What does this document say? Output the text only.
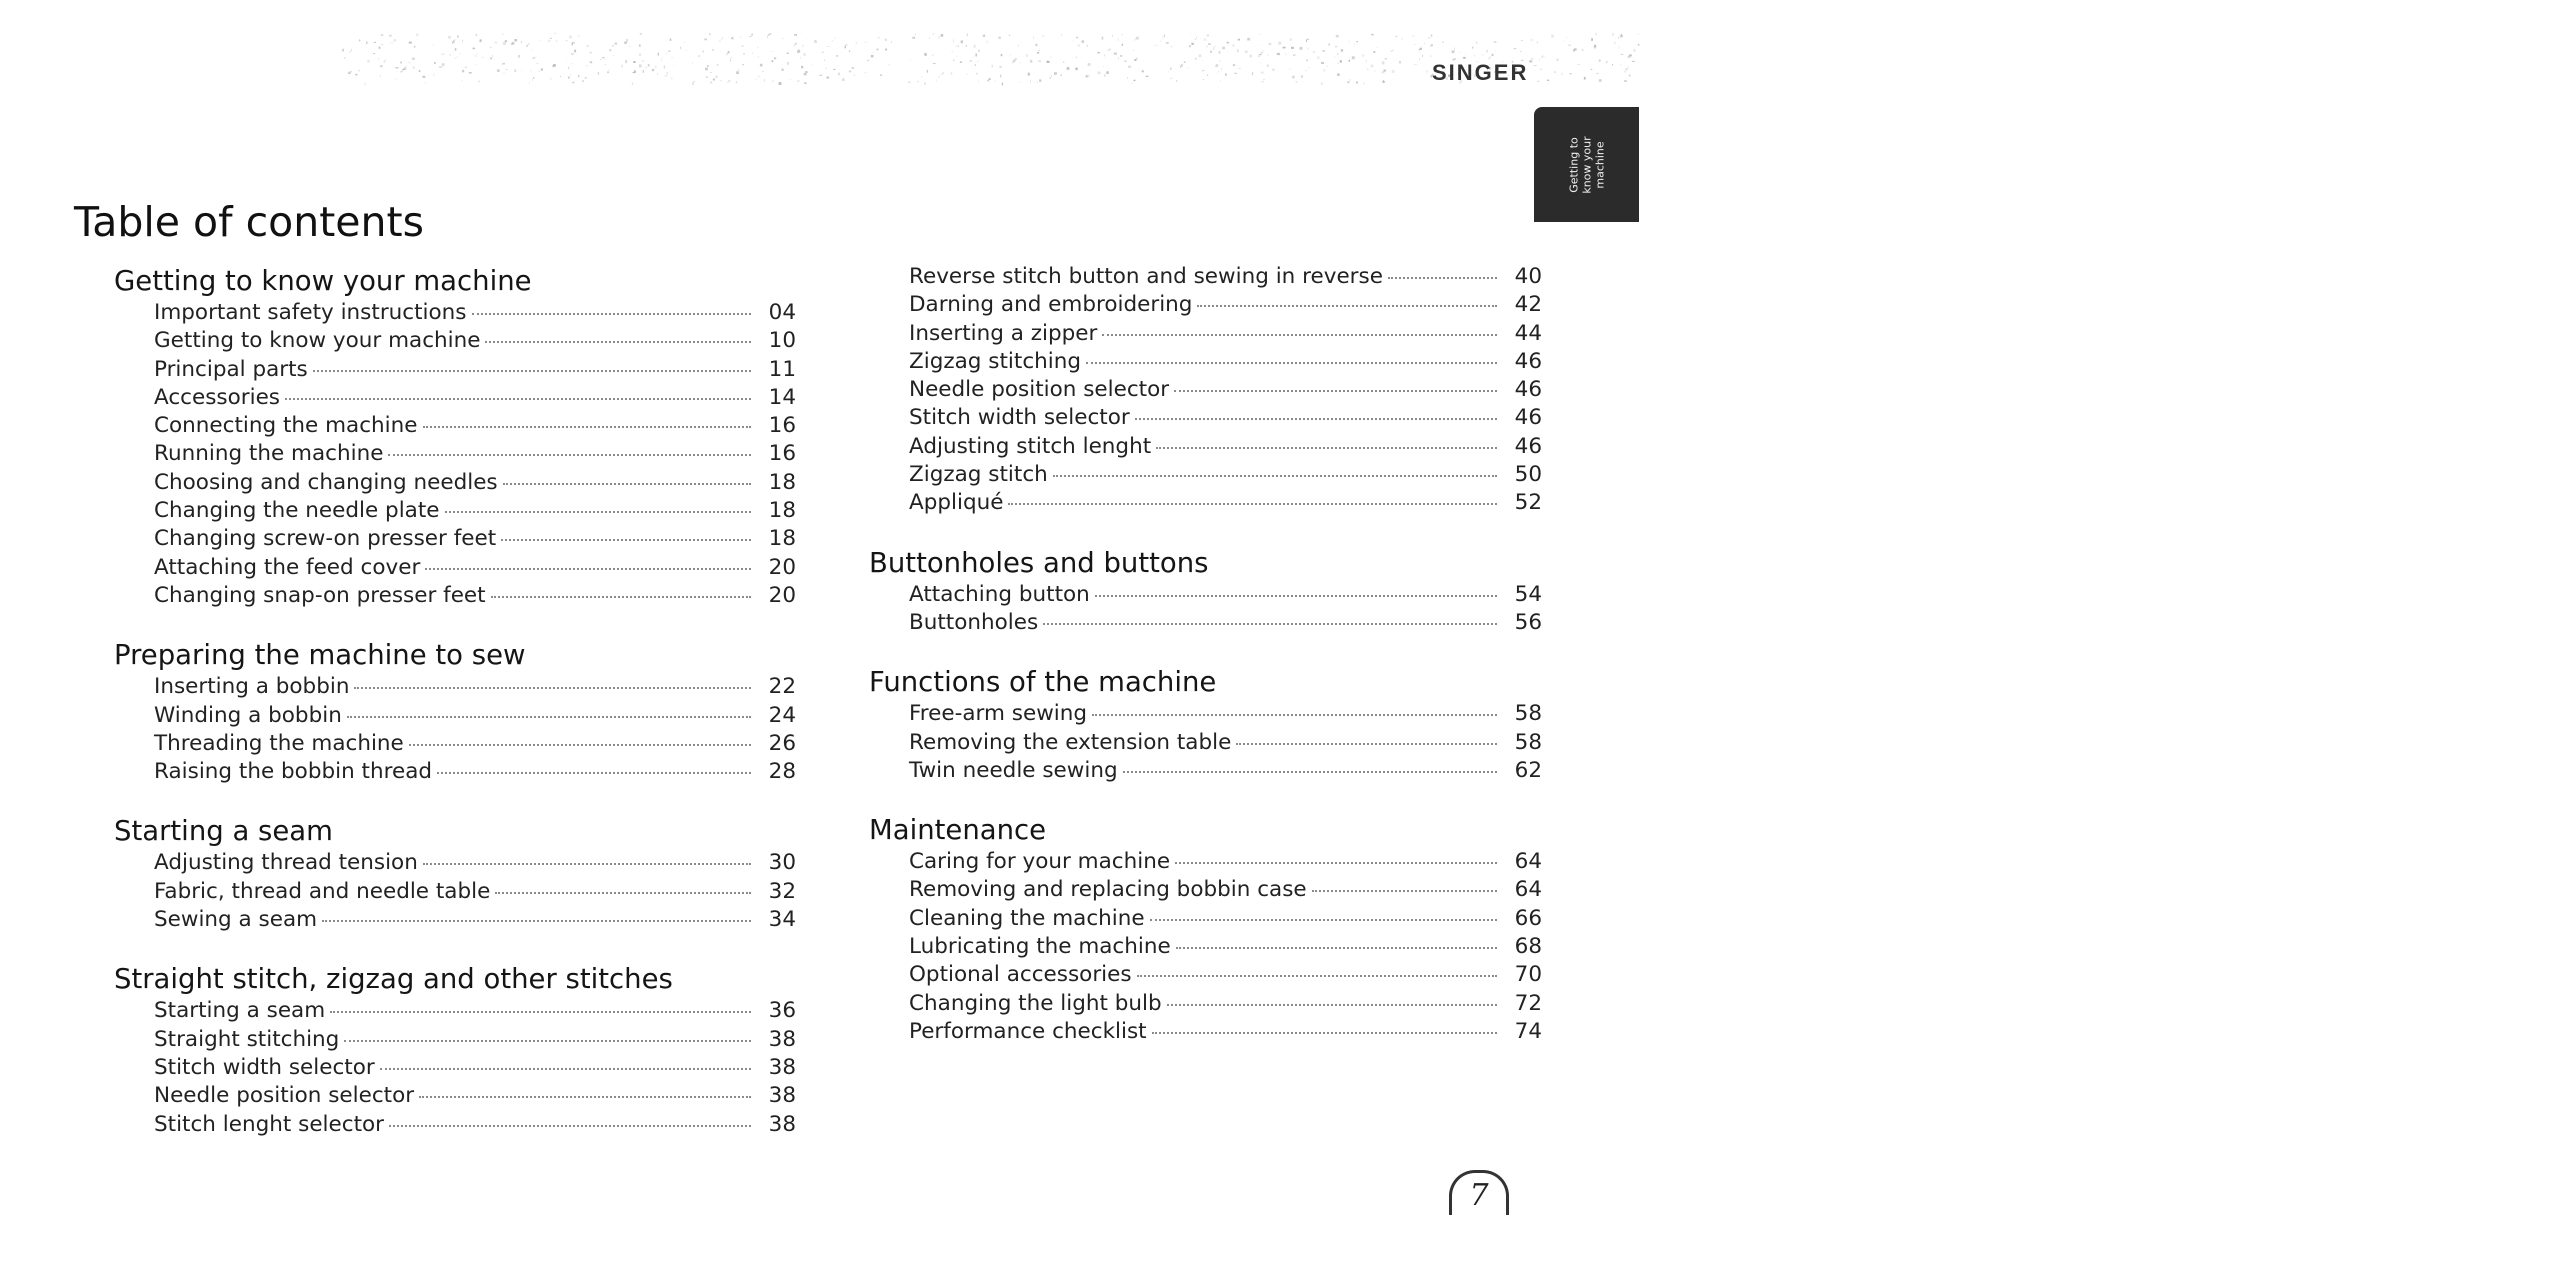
SINGER
Getting to
know your
machine
Table of contents
Getting to know your machine
Important safety instructions	04
Getting to know your machine	10
Principal parts	11
Accessories	14
Connecting the machine	16
Running the machine	16
Choosing and changing needles	18
Changing the needle plate	18
Changing screw-on presser feet	18
Attaching the feed cover	20
Changing snap-on presser feet	20
Preparing the machine to sew
Inserting a bobbin	22
Winding a bobbin	24
Threading the machine	26
Raising the bobbin thread	28
Starting a seam
Adjusting thread tension	30
Fabric, thread and needle table	32
Sewing a seam	34
Straight stitch, zigzag and other stitches
Starting a seam	36
Straight stitching	38
Stitch width selector	38
Needle position selector	38
Stitch lenght selector	38
Reverse stitch button and sewing in reverse	40
Darning and embroidering	42
Inserting a zipper	44
Zigzag stitching	46
Needle position selector	46
Stitch width selector	46
Adjusting stitch lenght	46
Zigzag stitch	50
Appliqué	52
Buttonholes and buttons
Attaching button	54
Buttonholes	56
Functions of the machine
Free-arm sewing	58
Removing the extension table	58
Twin needle sewing	62
Maintenance
Caring for your machine	64
Removing and replacing bobbin case	64
Cleaning the machine	66
Lubricating the machine	68
Optional accessories	70
Changing the light bulb	72
Performance checklist	74
7
